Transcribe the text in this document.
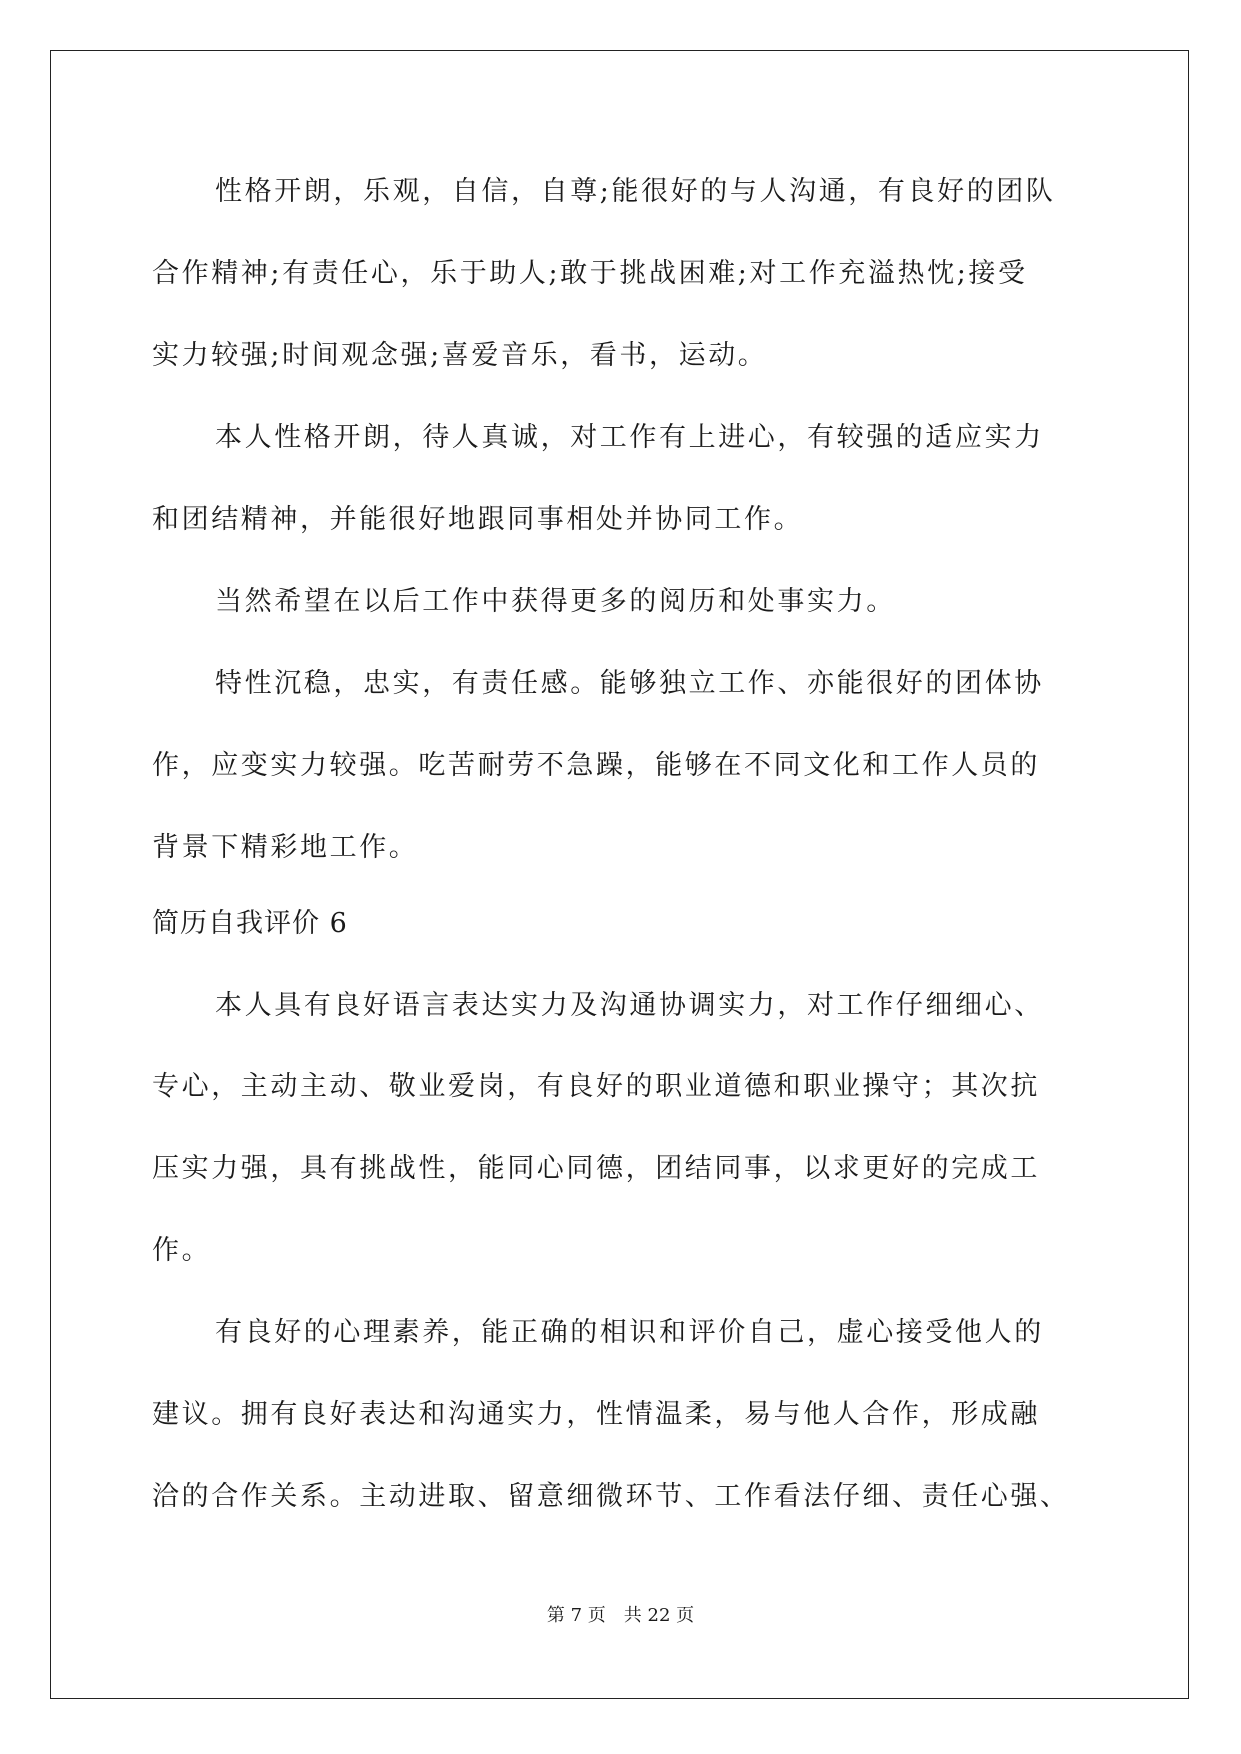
性格开朗，乐观，自信，自尊;能很好的与人沟通，有良好的团队

合作精神;有责任心，乐于助人;敢于挑战困难;对工作充溢热忱;接受

实力较强;时间观念强;喜爱音乐，看书，运动。

本人性格开朗，待人真诚，对工作有上进心，有较强的适应实力

和团结精神，并能很好地跟同事相处并协同工作。

当然希望在以后工作中获得更多的阅历和处事实力。

特性沉稳，忠实，有责任感。能够独立工作、亦能很好的团体协

作，应变实力较强。吃苦耐劳不急躁，能够在不同文化和工作人员的

背景下精彩地工作。

简历自我评价 6

本人具有良好语言表达实力及沟通协调实力，对工作仔细细心、

专心，主动主动、敬业爱岗，有良好的职业道德和职业操守；其次抗

压实力强，具有挑战性，能同心同德，团结同事，以求更好的完成工

作。

有良好的心理素养，能正确的相识和评价自己，虚心接受他人的

建议。拥有良好表达和沟通实力，性情温柔，易与他人合作，形成融

洽的合作关系。主动进取、留意细微环节、工作看法仔细、责任心强、

第 7 页　共 22 页
